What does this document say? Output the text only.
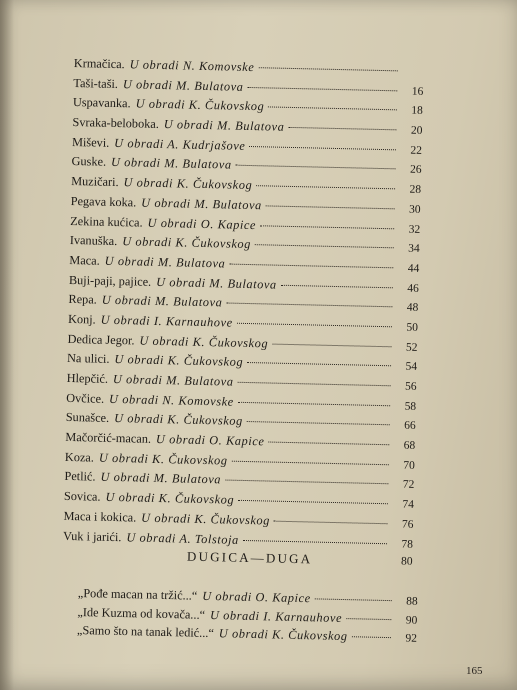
Krmačica. U obradi N. Komovske
Taši-taši. U obradi M. Bulatova	16
Uspavanka. U obradi K. Čukovskog	18
Svraka-beloboka. U obradi M. Bulatova	20
Miševi. U obradi A. Kudrjašove	22
Guske. U obradi M. Bulatova	26
Muzičari. U obradi K. Čukovskog	28
Pegava koka. U obradi M. Bulatova	30
Zekina kućica. U obradi O. Kapice	32
Ivanuška. U obradi K. Čukovskog	34
Maca. U obradi M. Bulatova	44
Buji-paji, pajice. U obradi M. Bulatova	46
Repa. U obradi M. Bulatova	48
Konj. U obradi I. Karnauhove	50
Dedica Jegor. U obradi K. Čukovskog	52
Na ulici. U obradi K. Čukovskog	54
Hlepčić. U obradi M. Bulatova	56
Ovčice. U obradi N. Komovske	58
Sunašce. U obradi K. Čukovskog	66
Mačorčić-macan. U obradi O. Kapice	68
Koza. U obradi K. Čukovskog	70
Petlić. U obradi M. Bulatova	72
Sovica. U obradi K. Čukovskog	74
Maca i kokica. U obradi K. Čukovskog	76
Vuk i jarići. U obradi A. Tolstoja	78
80
DUGICA—DUGA
„Pođe macan na tržić...“ U obradi O. Kapice	88
„Ide Kuzma od kovača...“ U obradi I. Karnauhove	90
„Samo što na tanak ledić...“ U obradi K. Čukovskog	92
165
